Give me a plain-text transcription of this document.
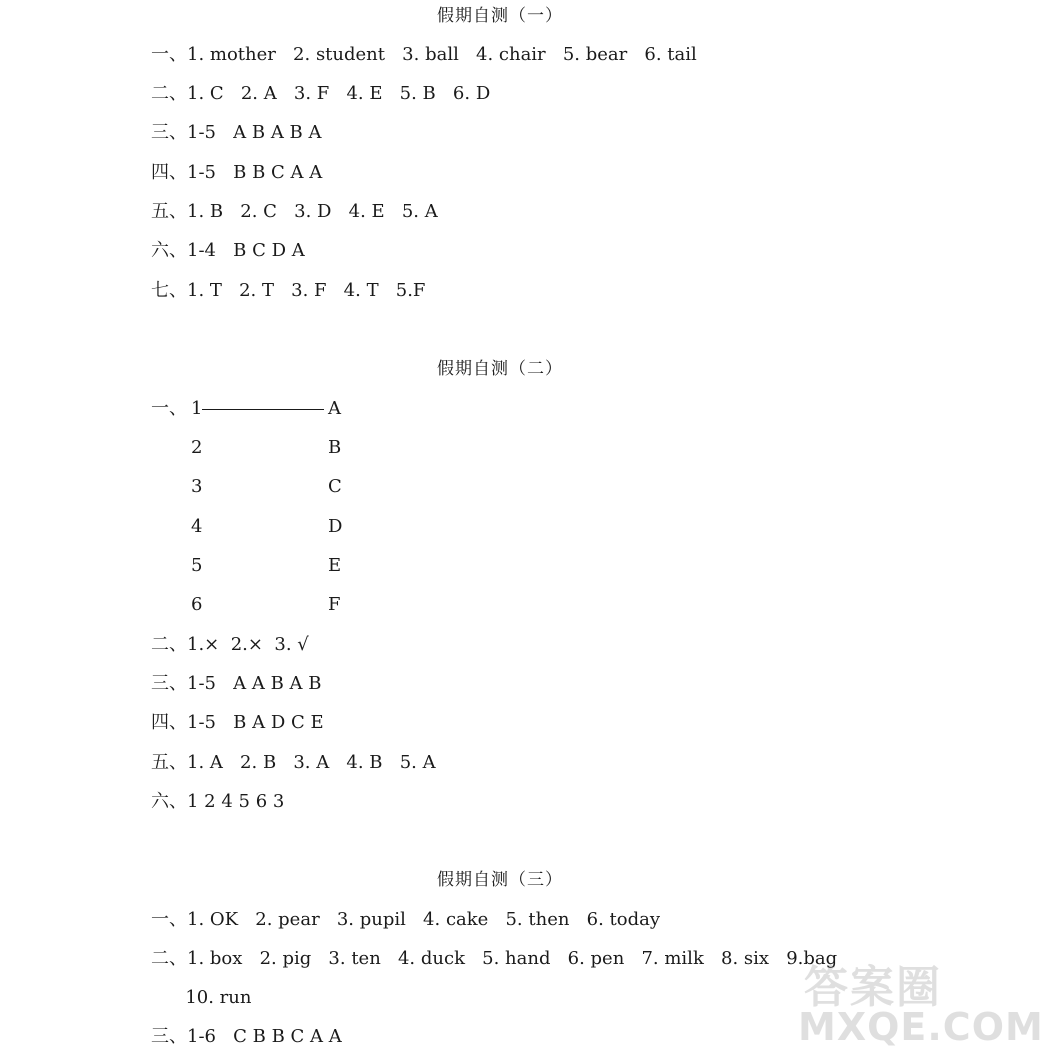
假期自测（一）
一、1. mother   2. student   3. ball   4. chair   5. bear   6. tail
二、1. C   2. A   3. F   4. E   5. B   6. D
三、1-5   A B A B A
四、1-5   B B C A A
五、1. B   2. C   3. D   4. E   5. A
六、1-4   B C D A
七、1. T   2. T   3. F   4. T   5.F
假期自测（二）
一、 1	A
2	B
3	C
4	D
5	E
6	F
二、1.×  2.×  3. √
三、1-5   A A B A B
四、1-5   B A D C E
五、1. A   2. B   3. A   4. B   5. A
六、1 2 4 5 6 3
假期自测（三）
一、1. OK   2. pear   3. pupil   4. cake   5. then   6. today
二、1. box   2. pig   3. ten   4. duck   5. hand   6. pen   7. milk   8. six   9.bag
10. run
三、1-6   C B B C A A
答案圈
MXQE.COM
